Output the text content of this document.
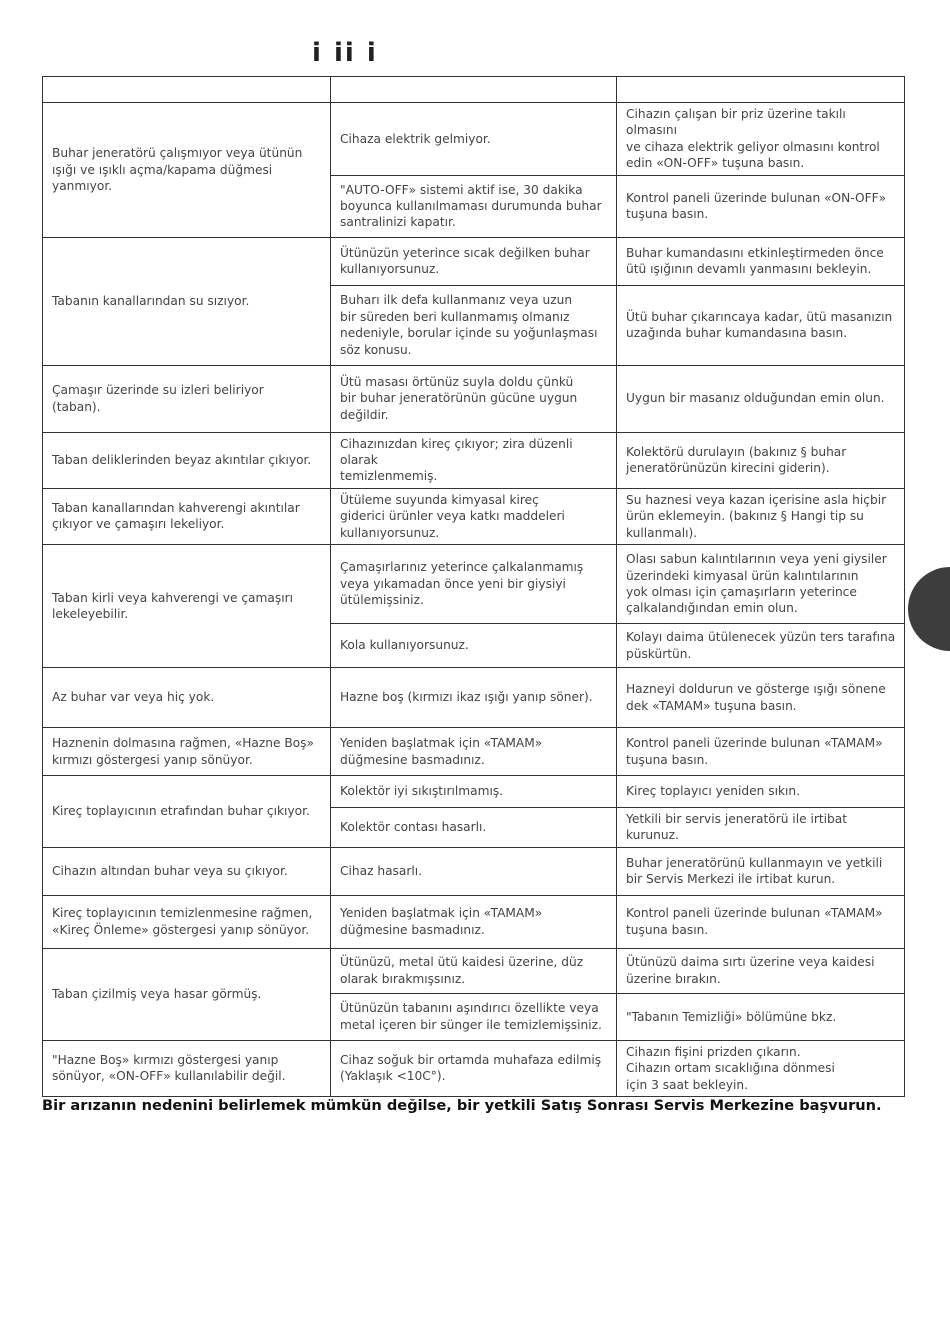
i ii i

Buhar jeneratörü çalışmıyor veya ütünün
ışığı ve ışıklı açma/kapama düğmesi
yanmıyor.	Cihaza elektrik gelmiyor.	Cihazın çalışan bir priz üzerine takılı olmasını
ve cihaza elektrik geliyor olmasını kontrol
edin «ON-OFF» tuşuna basın.
	"AUTO-OFF» sistemi aktif ise, 30 dakika
boyunca kullanılmaması durumunda buhar
santralinizi kapatır.	Kontrol paneli üzerinde bulunan «ON-OFF»
tuşuna basın.
Tabanın kanallarından su sızıyor.	Ütünüzün yeterince sıcak değilken buhar
kullanıyorsunuz.	Buhar kumandasını etkinleştirmeden önce
ütü ışığının devamlı yanmasını bekleyin.
	Buharı ilk defa kullanmanız veya uzun
bir süreden beri kullanmamış olmanız
nedeniyle, borular içinde su yoğunlaşması
söz konusu.	Ütü buhar çıkarıncaya kadar, ütü masanızın
uzağında buhar kumandasına basın.
Çamaşır üzerinde su izleri beliriyor
(taban).	Ütü masası örtünüz suyla doldu çünkü
bir buhar jeneratörünün gücüne uygun
değildir.	Uygun bir masanız olduğundan emin olun.
Taban deliklerinden beyaz akıntılar çıkıyor.	Cihazınızdan kireç çıkıyor; zira düzenli olarak
temizlenmemiş.	Kolektörü durulayın (bakınız § buhar
jeneratörünüzün kirecini giderin).
Taban kanallarından kahverengi akıntılar
çıkıyor ve çamaşırı lekeliyor.	Ütüleme suyunda kimyasal kireç
giderici ürünler veya katkı maddeleri
kullanıyorsunuz.	Su haznesi veya kazan içerisine asla hiçbir
ürün eklemeyin. (bakınız § Hangi tip su
kullanmalı).
Taban kirli veya kahverengi ve çamaşırı
lekeleyebilir.	Çamaşırlarınız yeterince çalkalanmamış
veya yıkamadan önce yeni bir giysiyi
ütülemişsiniz.	Olası sabun kalıntılarının veya yeni giysiler
üzerindeki kimyasal ürün kalıntılarının
yok olması için çamaşırların yeterince
çalkalandığından emin olun.
	Kola kullanıyorsunuz.	Kolayı daima ütülenecek yüzün ters tarafına
püskürtün.
Az buhar var veya hiç yok.	Hazne boş (kırmızı ikaz ışığı yanıp söner).	Hazneyi doldurun ve gösterge ışığı sönene
dek «TAMAM» tuşuna basın.
Haznenin dolmasına rağmen, «Hazne Boş»
kırmızı göstergesi yanıp sönüyor.	Yeniden başlatmak için «TAMAM»
düğmesine basmadınız.	Kontrol paneli üzerinde bulunan «TAMAM»
tuşuna basın.
Kireç toplayıcının etrafından buhar çıkıyor.	Kolektör iyi sıkıştırılmamış.	Kireç toplayıcı yeniden sıkın.
	Kolektör contası hasarlı.	Yetkili bir servis jeneratörü ile irtibat kurunuz.
Cihazın altından buhar veya su çıkıyor.	Cihaz hasarlı.	Buhar jeneratörünü kullanmayın ve yetkili
bir Servis Merkezi ile irtibat kurun.
Kireç toplayıcının temizlenmesine rağmen,
«Kireç Önleme» göstergesi yanıp sönüyor.	Yeniden başlatmak için «TAMAM»
düğmesine basmadınız.	Kontrol paneli üzerinde bulunan «TAMAM»
tuşuna basın.
Taban çizilmiş veya hasar görmüş.	Ütünüzü, metal ütü kaidesi üzerine, düz
olarak bırakmışsınız.	Ütünüzü daima sırtı üzerine veya kaidesi
üzerine bırakın.
	Ütünüzün tabanını aşındırıcı özellikte veya
metal içeren bir sünger ile temizlemişsiniz.	"Tabanın Temizliği» bölümüne bkz.
"Hazne Boş» kırmızı göstergesi yanıp
sönüyor, «ON-OFF» kullanılabilir değil.	Cihaz soğuk bir ortamda muhafaza edilmiş
(Yaklaşık <10C°).	Cihazın fişini prizden çıkarın.
Cihazın ortam sıcaklığına dönmesi
için 3 saat bekleyin.
Bir arızanın nedenini belirlemek mümkün değilse, bir yetkili Satış Sonrası Servis Merkezine başvurun.
